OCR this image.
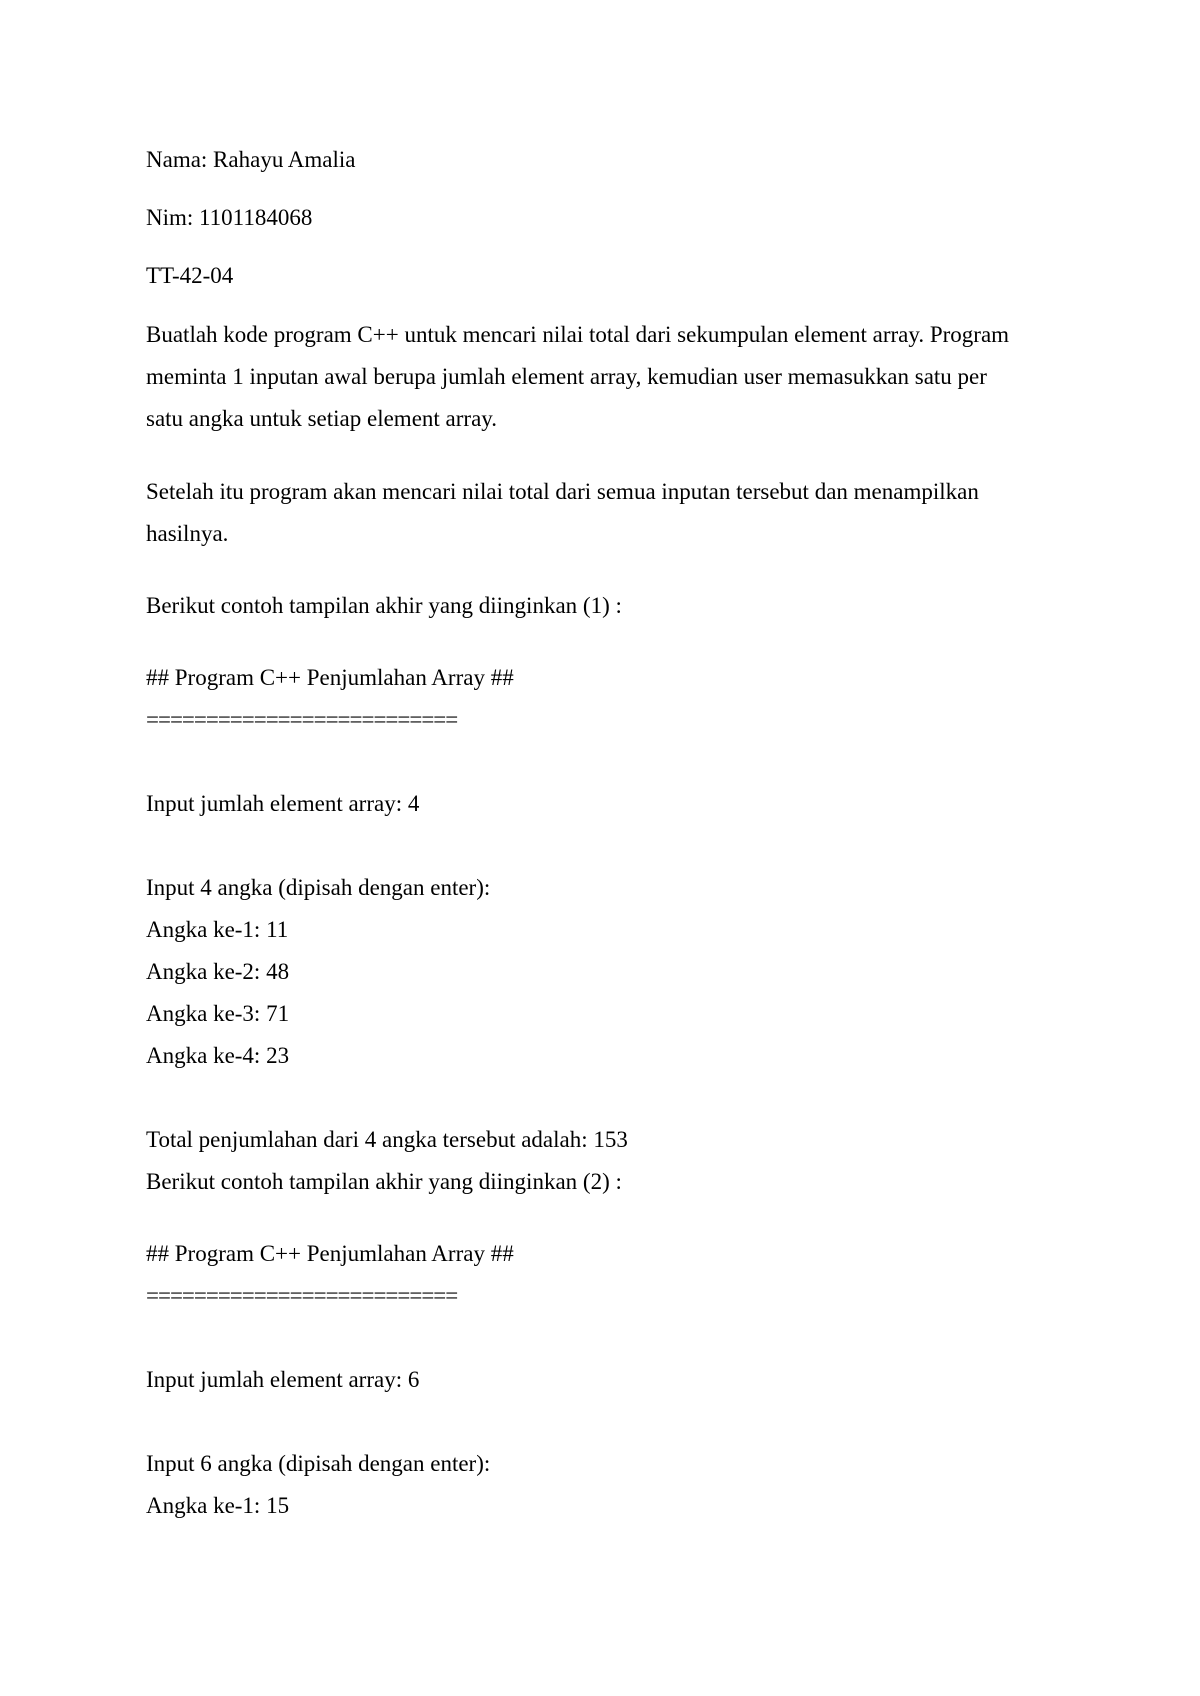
Nama: Rahayu Amalia
Nim: 1101184068
TT-42-04
Buatlah kode program C++ untuk mencari nilai total dari sekumpulan element array. Program
meminta 1 inputan awal berupa jumlah element array, kemudian user memasukkan satu per
satu angka untuk setiap element array.
Setelah itu program akan mencari nilai total dari semua inputan tersebut dan menampilkan
hasilnya.
Berikut contoh tampilan akhir yang diinginkan (1) :
## Program C++ Penjumlahan Array ##
==========================
Input jumlah element array: 4
Input 4 angka (dipisah dengan enter):
Angka ke-1: 11
Angka ke-2: 48
Angka ke-3: 71
Angka ke-4: 23
Total penjumlahan dari 4 angka tersebut adalah: 153
Berikut contoh tampilan akhir yang diinginkan (2) :
## Program C++ Penjumlahan Array ##
==========================
Input jumlah element array: 6
Input 6 angka (dipisah dengan enter):
Angka ke-1: 15
